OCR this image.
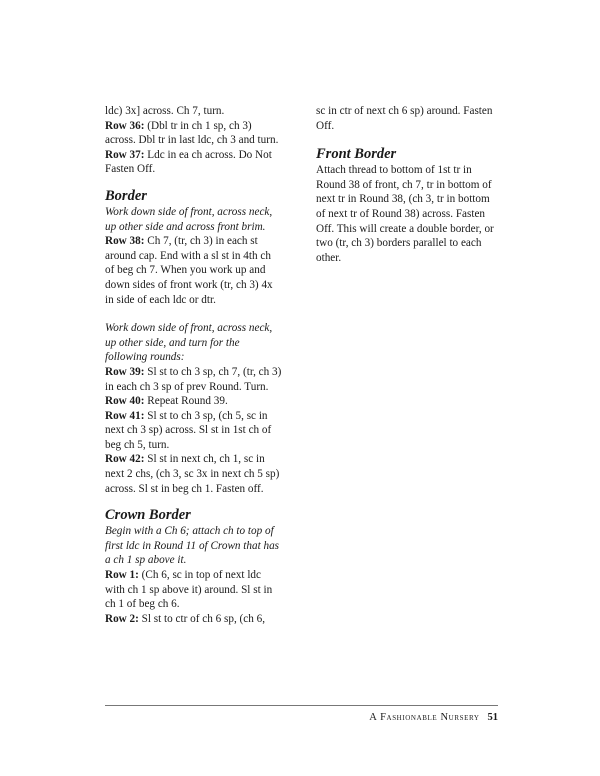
ldc) 3x] across. Ch 7, turn.

Row 36: (Dbl tr in ch 1 sp, ch 3) across. Dbl tr in last ldc, ch 3 and turn.

Row 37: Ldc in ea ch across. Do Not Fasten Off.

Border

Work down side of front, across neck, up other side and across front brim.

Row 38: Ch 7, (tr, ch 3) in each st around cap. End with a sl st in 4th ch of beg ch 7. When you work up and down sides of front work (tr, ch 3) 4x in side of each ldc or dtr.

Work down side of front, across neck, up other side, and turn for the following rounds:

Row 39: Sl st to ch 3 sp, ch 7, (tr, ch 3) in each ch 3 sp of prev Round. Turn.

Row 40: Repeat Round 39.

Row 41: Sl st to ch 3 sp, (ch 5, sc in next ch 3 sp) across. Sl st in 1st ch of beg ch 5, turn.

Row 42: Sl st in next ch, ch 1, sc in next 2 chs, (ch 3, sc 3x in next ch 5 sp) across. Sl st in beg ch 1. Fasten off.

Crown Border

Begin with a Ch 6; attach ch to top of first ldc in Round 11 of Crown that has a ch 1 sp above it.

Row 1: (Ch 6, sc in top of next ldc with ch 1 sp above it) around. Sl st in ch 1 of beg ch 6.

Row 2: Sl st to ctr of ch 6 sp, (ch 6,

sc in ctr of next ch 6 sp) around. Fasten Off.

Front Border

Attach thread to bottom of 1st tr in Round 38 of front, ch 7, tr in bottom of next tr in Round 38, (ch 3, tr in bottom of next tr of Round 38) across. Fasten Off. This will create a double border, or two (tr, ch 3) borders parallel to each other.

A Fashionable Nursery 51
